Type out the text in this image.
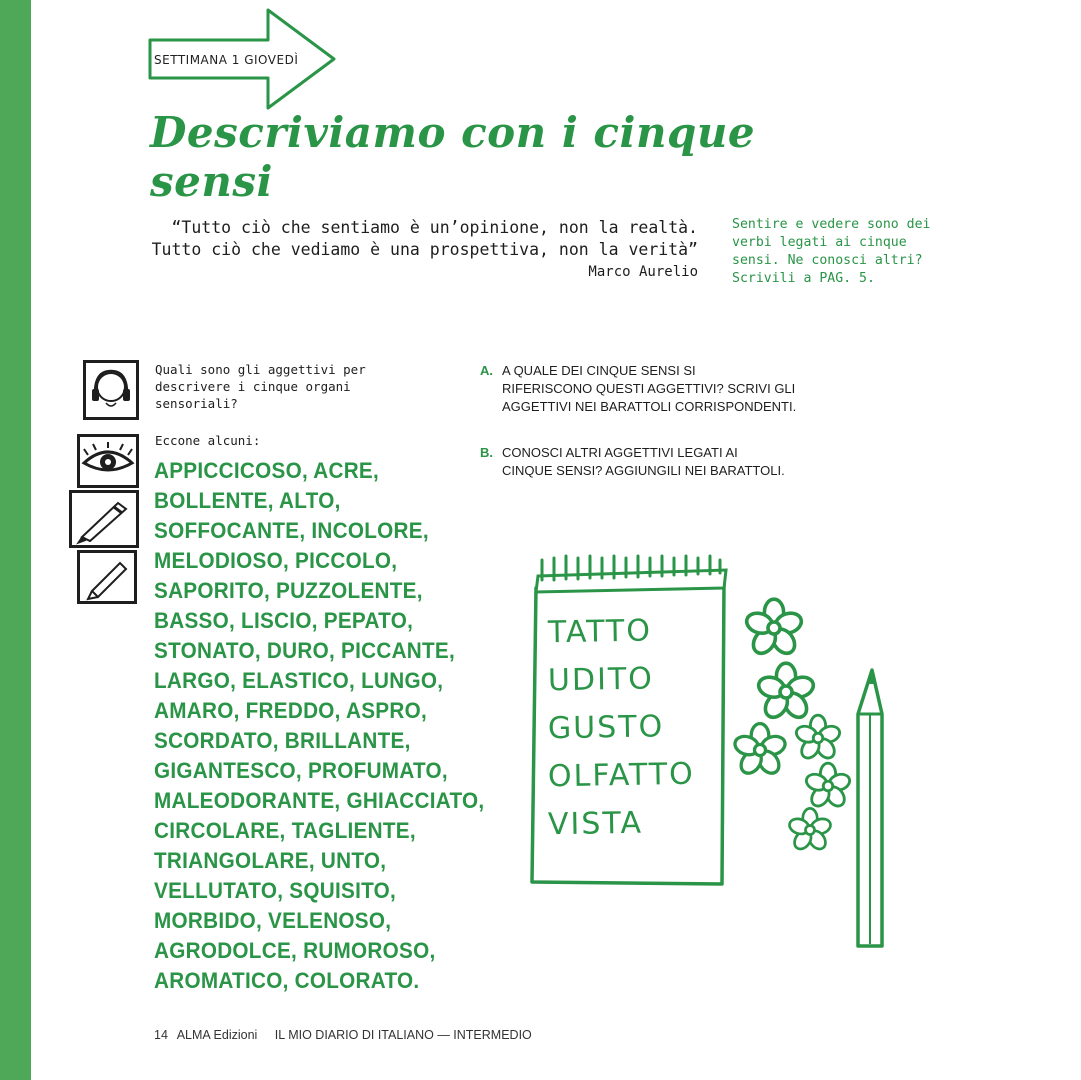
SETTIMANA 1 GIOVEDÌ
Descriviamo con i cinque sensi
“Tutto ciò che sentiamo è un’opinione, non la realtà.
Tutto ciò che vediamo è una prospettiva, non la verità”
Marco Aurelio
Sentire e vedere sono dei
verbi legati ai cinque
sensi. Ne conosci altri?
Scrivili a PAG. 5.
Quali sono gli aggettivi per
descrivere i cinque organi
sensoriali?
Eccone alcuni:
APPICCICOSO, ACRE,
BOLLENTE, ALTO,
SOFFOCANTE, INCOLORE,
MELODIOSO, PICCOLO,
SAPORITO, PUZZOLENTE,
BASSO, LISCIO, PEPATO,
STONATO, DURO, PICCANTE,
LARGO, ELASTICO, LUNGO,
AMARO, FREDDO, ASPRO,
SCORDATO, BRILLANTE,
GIGANTESCO, PROFUMATO,
MALEODORANTE, GHIACCIATO,
CIRCOLARE, TAGLIENTE,
TRIANGOLARE, UNTO,
VELLUTATO, SQUISITO,
MORBIDO, VELENOSO,
AGRODOLCE, RUMOROSO,
AROMATICO, COLORATO.
A. A QUALE DEI CINQUE SENSI SI
RIFERISCONO QUESTI AGGETTIVI? SCRIVI GLI
AGGETTIVI NEI BARATTOLI CORRISPONDENTI.
B. CONOSCI ALTRI AGGETTIVI LEGATI AI
CINQUE SENSI? AGGIUNGILI NEI BARATTOLI.
TATTO
UDITO
GUSTO
OLFATTO
VISTA
14 ALMA Edizioni IL MIO DIARIO DI ITALIANO — INTERMEDIO
